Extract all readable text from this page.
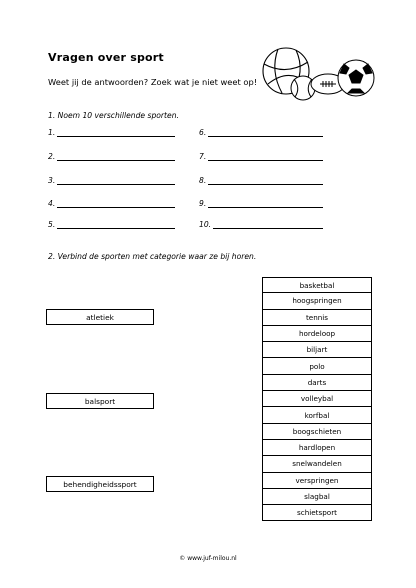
Vragen over sport
Weet jij de antwoorden? Zoek wat je niet weet op!
1. Noem 10 verschillende sporten.
1.
2.
3.
4.
5.
6.
7.
8.
9.
10.
2. Verbind de sporten met categorie waar ze bij horen.
atletiek
balsport
behendigheidssport
basketbal
hoogspringen
tennis
hordeloop
biljart
polo
darts
volleybal
korfbal
boogschieten
hardlopen
snelwandelen
verspringen
slagbal
schietsport
© www.juf-milou.nl
